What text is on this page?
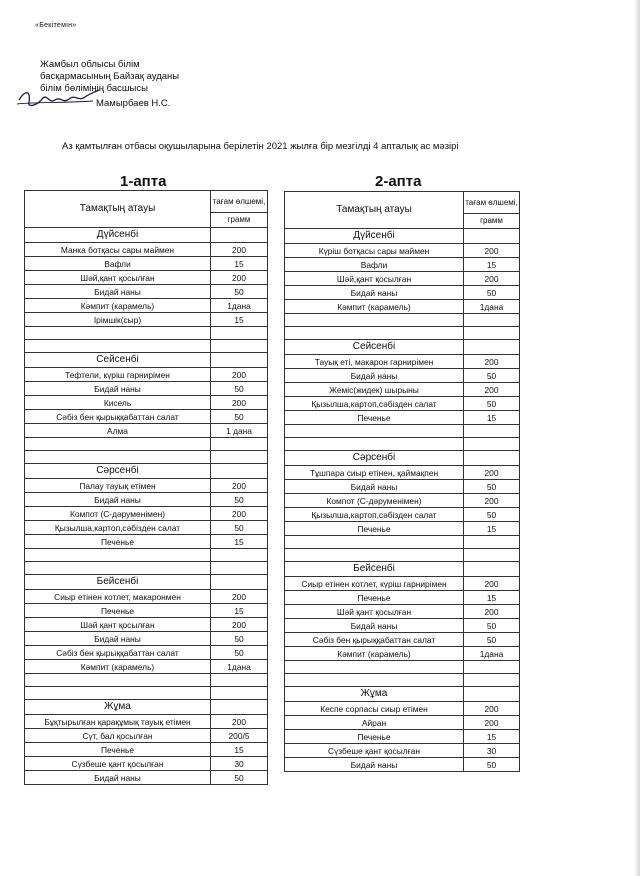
«Бекітемін»
Жамбыл облысы білім
басқармасының Байзақ ауданы
білім бөлімінің басшысы
Мамырбаев Н.С.
Аз қамтылған отбасы оқушыларына берілетін 2021 жылға бір мезгілді 4 апталық ас мәзірі
1-апта	2-апта
Тамақтың атауы	тағам өлшемі,
	грамм
Дүйсенбі	
Манка ботқасы сары маймен	200
Вафли	15
Шәй,қант қосылған	200
Бидай наны	50
Кәмпит (карамель)	1дана
Ірімшік(сыр)	15

Сейсенбі	
Тефтели, күріш гарнирімен	200
Бидай наны	50
Кисель	200
Сәбіз бен қырыққабаттан салат	50
Алма	1 дана

Сәрсенбі	
Палау тауық етімен	200
Бидай наны	50
Компот (С-дәруменімен)	200
Қызылша,картоп,сәбізден салат	50
Печенье	15

Бейсенбі	
Сиыр етінен котлет, макаронмен	200
Печенье	15
Шәй қант қосылған	200
Бидай наны	50
Сәбіз бен қырыққабаттан салат	50
Кәмпит (карамель)	1дана

Жұма	
Бұқтырылған қарақұмық тауық етімен	200
Сүт, бал қосылған	200/5
Печенье	15
Сүзбеше қант қосылған	30
Бидай наны	50
Тамақтың атауы	тағам өлшемі,
	грамм
Дүйсенбі	
Күріш ботқасы сары маймен	200
Вафли	15
Шәй,қант қосылған	200
Бидай наны	50
Кәмпит (карамель)	1дана

Сейсенбі	
Тауық еті, макарон гарнирімен	200
Бидай наны	50
Жеміс(жидек) шырыны	200
Қызылша,картоп,сәбізден салат	50
Печенье	15

Сәрсенбі	
Тұшпара сиыр етінен, қаймақпен	200
Бидай наны	50
Компот (С-дәруменімен)	200
Қызылша,картоп,сәбізден салат	50
Печенье	15

Бейсенбі	
Сиыр етінен котлет, күріш гарнирімен	200
Печенье	15
Шәй қант қосылған	200
Бидай наны	50
Сәбіз бен қырыққабаттан салат	50
Кәмпит (карамель)	1дана

Жұма	
Кеспе сорпасы сиыр етімен	200
Айран	200
Печенье	15
Сүзбеше қант қосылған	30
Бидай наны	50
